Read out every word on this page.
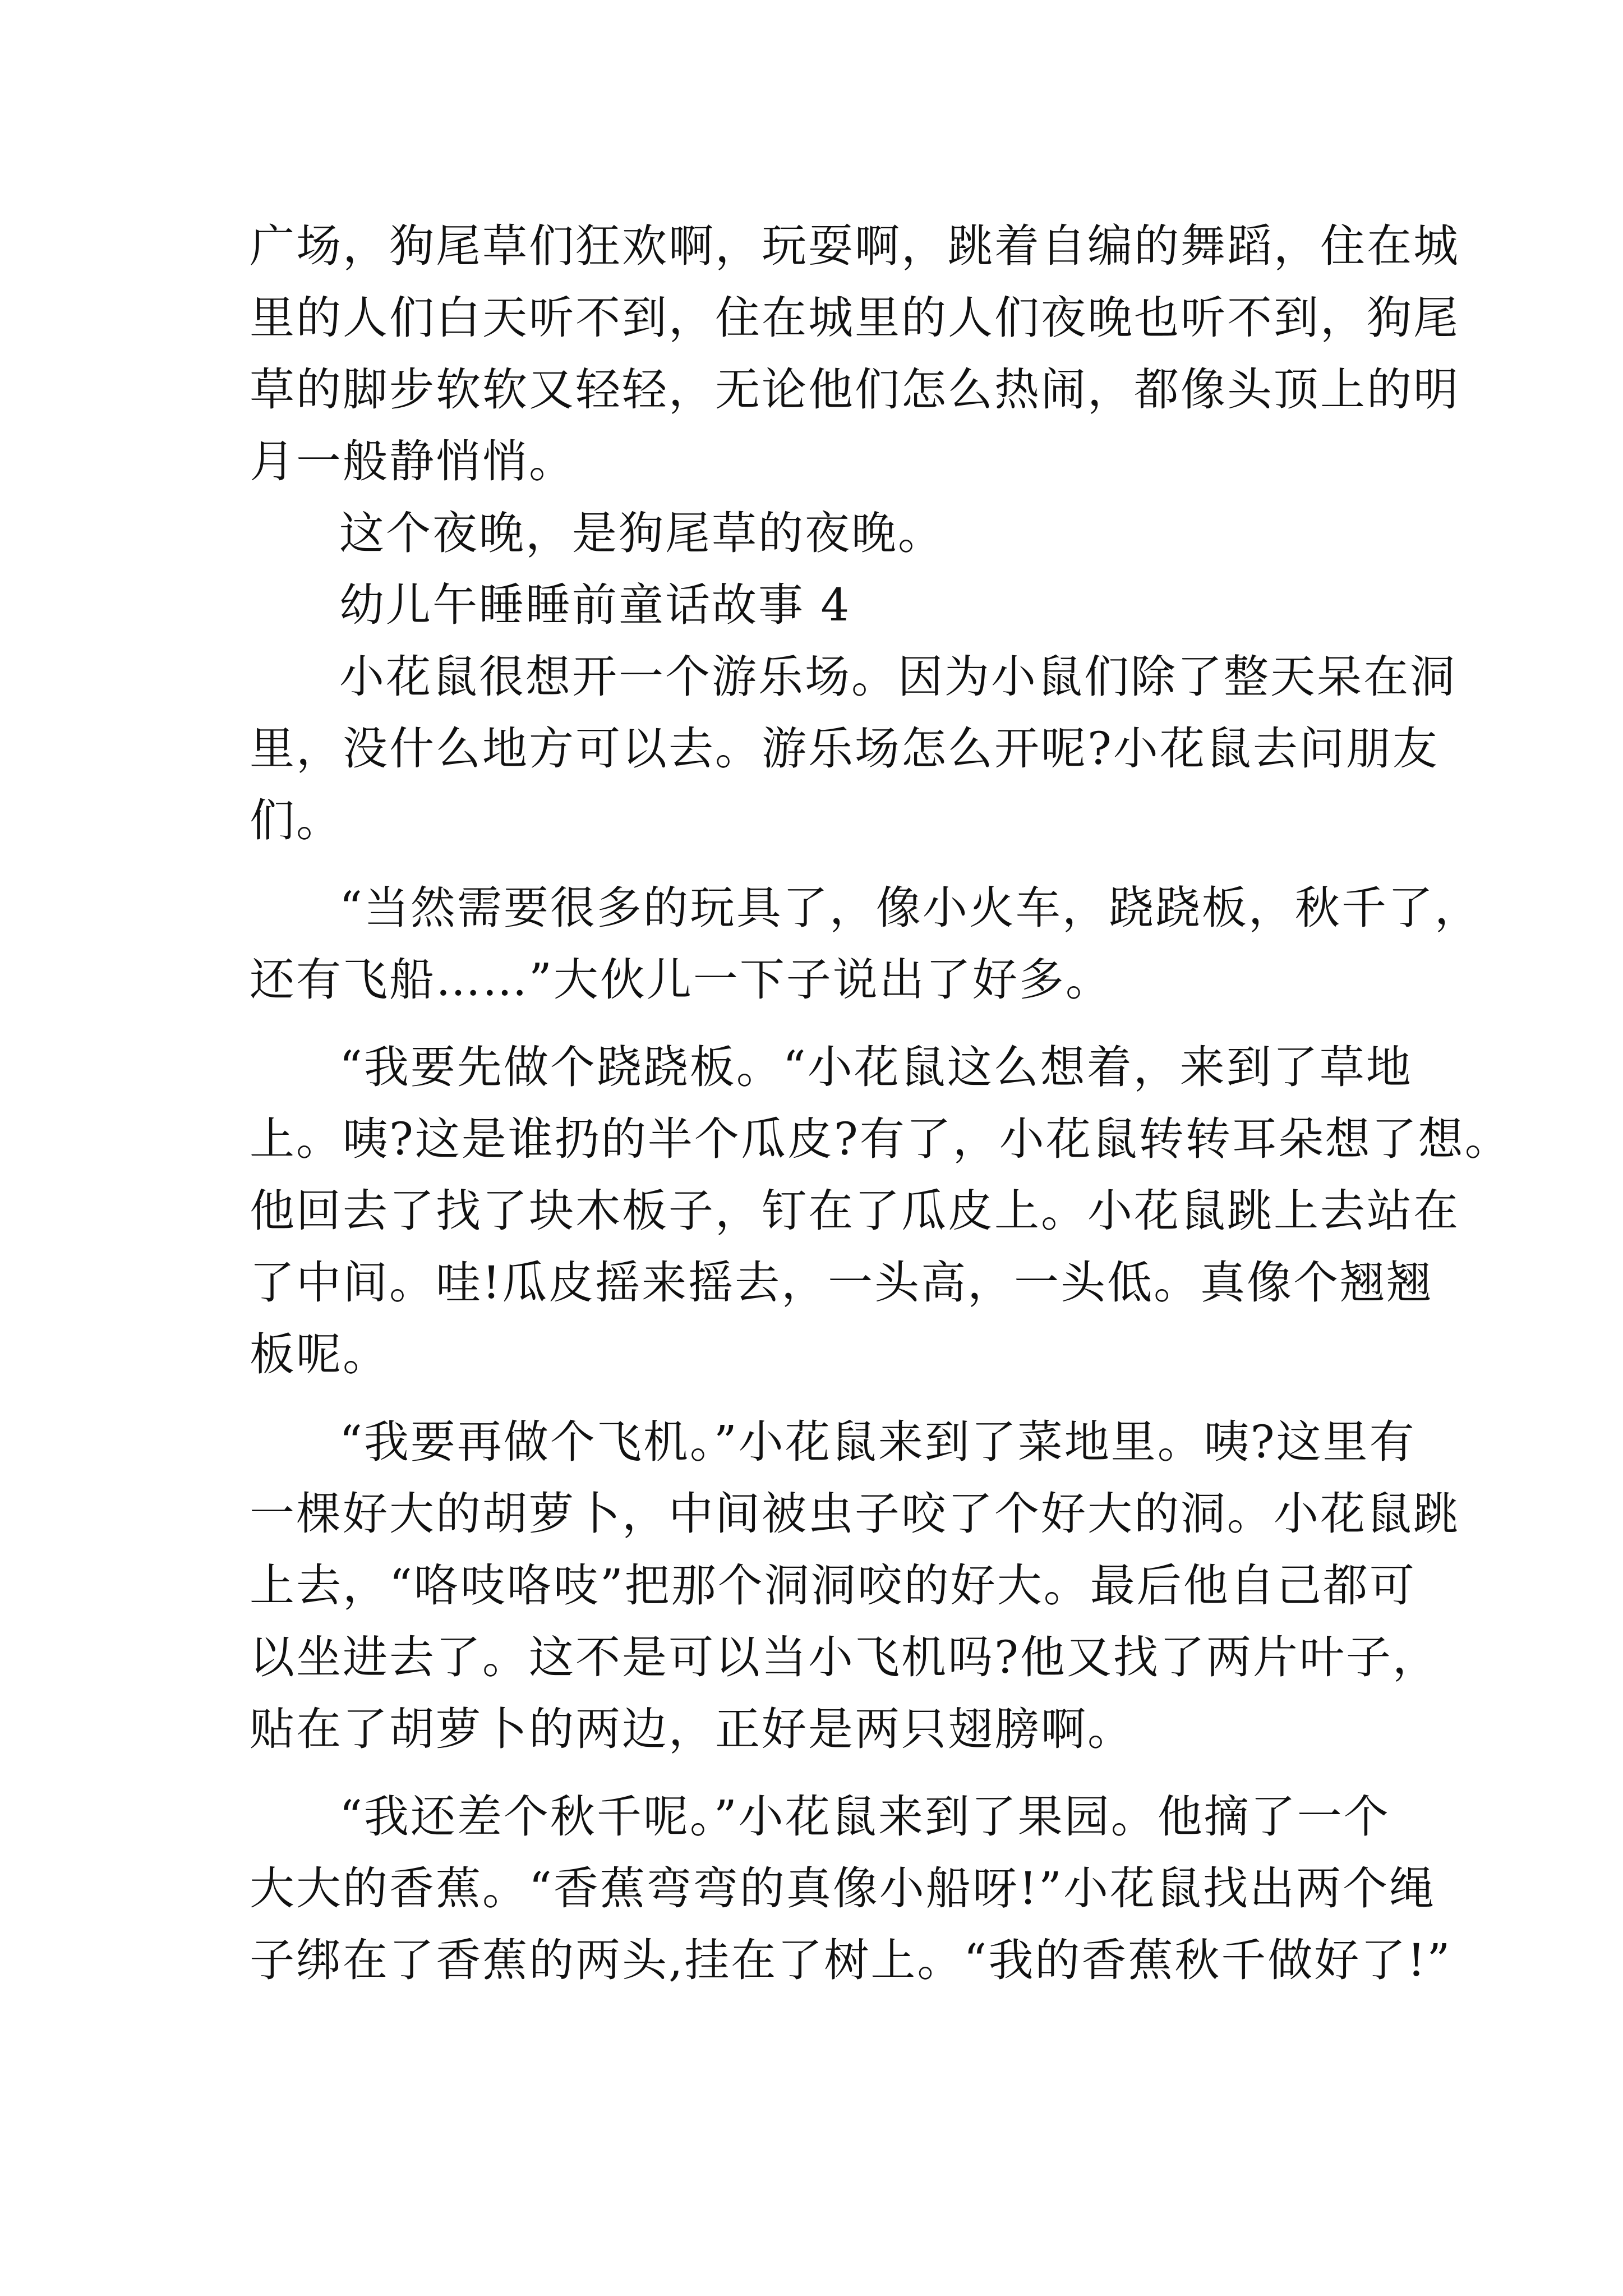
广场，狗尾草们狂欢啊，玩耍啊，跳着自编的舞蹈，住在城
里的人们白天听不到，住在城里的人们夜晚也听不到，狗尾
草的脚步软软又轻轻，无论他们怎么热闹，都像头顶上的明
月一般静悄悄。
这个夜晚，是狗尾草的夜晚。
幼儿午睡睡前童话故事 4
小花鼠很想开一个游乐场。因为小鼠们除了整天呆在洞
里，没什么地方可以去。游乐场怎么开呢?小花鼠去问朋友
们。
“当然需要很多的玩具了，像小火车，跷跷板，秋千了，
还有飞船……”大伙儿一下子说出了好多。
“我要先做个跷跷板。“小花鼠这么想着，来到了草地
上。咦?这是谁扔的半个瓜皮?有了，小花鼠转转耳朵想了想。
他回去了找了块木板子，钉在了瓜皮上。小花鼠跳上去站在
了中间。哇!瓜皮摇来摇去，一头高，一头低。真像个翘翘
板呢。
“我要再做个飞机。”小花鼠来到了菜地里。咦?这里有
一棵好大的胡萝卜，中间被虫子咬了个好大的洞。小花鼠跳
上去，“咯吱咯吱”把那个洞洞咬的好大。最后他自己都可
以坐进去了。这不是可以当小飞机吗?他又找了两片叶子，
贴在了胡萝卜的两边，正好是两只翅膀啊。
“我还差个秋千呢。”小花鼠来到了果园。他摘了一个
大大的香蕉。“香蕉弯弯的真像小船呀!”小花鼠找出两个绳
子绑在了香蕉的两头,挂在了树上。“我的香蕉秋千做好了!”
